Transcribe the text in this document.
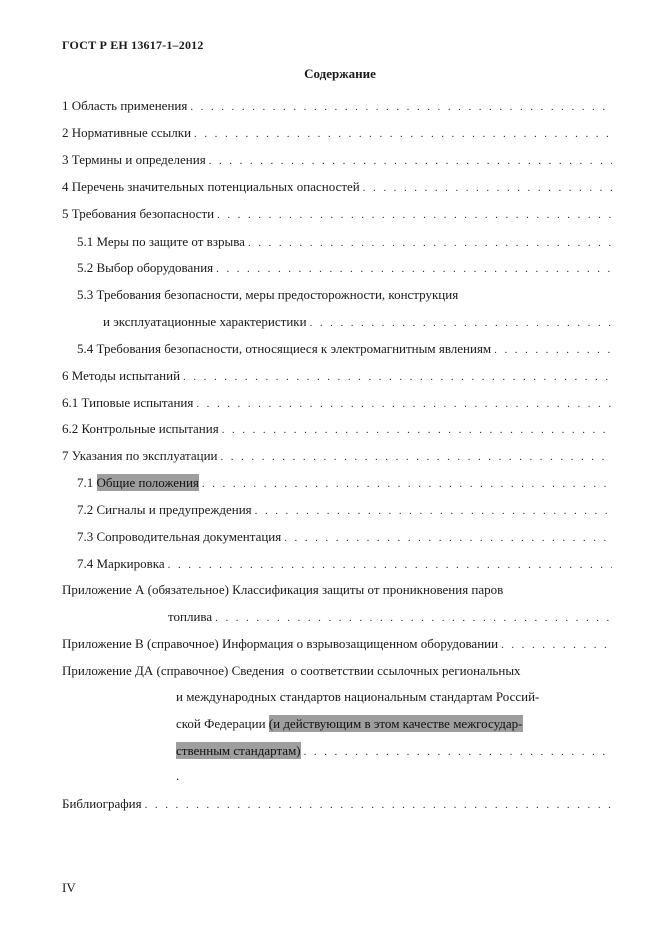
ГОСТ Р ЕН 13617-1–2012
Содержание
1 Область применения
. . .
2 Нормативные ссылки
. . .
3 Термины и определения
. . .
4 Перечень значительных потенциальных опасностей
. . .
5 Требования безопасности
. . .
5.1 Меры по защите от взрыва
. . .
5.2 Выбор оборудования
. . .
5.3 Требования безопасности, меры предосторожности, конструкция
и эксплуатационные характеристики
. . .
5.4 Требования безопасности, относящиеся к электромагнитным явлениям
. . .
6 Методы испытаний
. . .
6.1 Типовые испытания
. . .
6.2 Контрольные испытания
. . .
7 Указания по эксплуатации
. . .
7.1 Общие положения
. . .
7.2 Сигналы и предупреждения
. . .
7.3 Сопроводительная документация
. . .
7.4 Маркировка
. . .
Приложение А (обязательное) Классификация защиты от проникновения паров
топлива
. . .
Приложение В (справочное) Информация о взрывозащищенном оборудовании
. . .
Приложение ДА (справочное) Сведения  о соответствии ссылочных региональных
и международных стандартов национальным стандартам Россий-
ской Федерации (и действующим в этом качестве межгосудар-
ственным стандартам)
. . .
.
Библиография
. . .
IV
